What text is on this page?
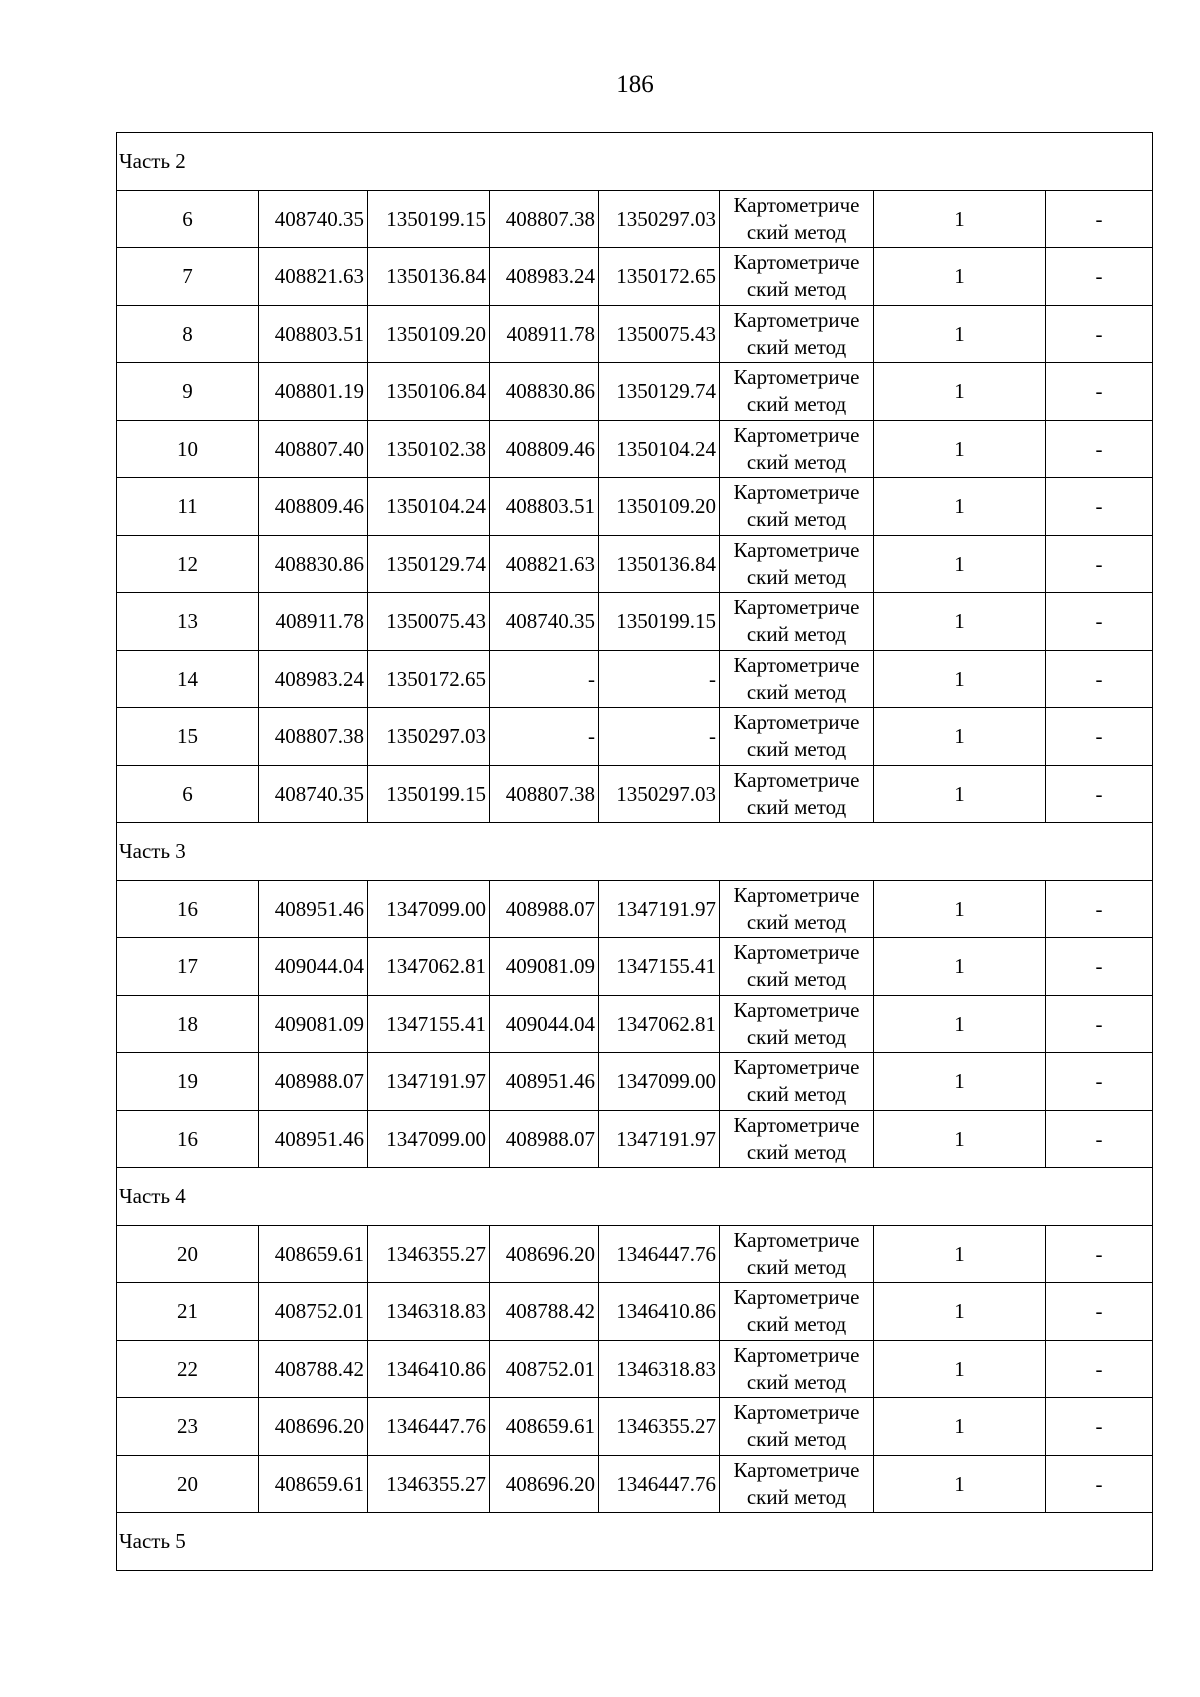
186
Часть 2							
6	408740.35	1350199.15	408807.38	1350297.03	Картометриче ский метод	1	-
7	408821.63	1350136.84	408983.24	1350172.65	Картометриче ский метод	1	-
8	408803.51	1350109.20	408911.78	1350075.43	Картометриче ский метод	1	-
9	408801.19	1350106.84	408830.86	1350129.74	Картометриче ский метод	1	-
10	408807.40	1350102.38	408809.46	1350104.24	Картометриче ский метод	1	-
11	408809.46	1350104.24	408803.51	1350109.20	Картометриче ский метод	1	-
12	408830.86	1350129.74	408821.63	1350136.84	Картометриче ский метод	1	-
13	408911.78	1350075.43	408740.35	1350199.15	Картометриче ский метод	1	-
14	408983.24	1350172.65	-	-	Картометриче ский метод	1	-
15	408807.38	1350297.03	-	-	Картометриче ский метод	1	-
6	408740.35	1350199.15	408807.38	1350297.03	Картометриче ский метод	1	-
Часть 3							
16	408951.46	1347099.00	408988.07	1347191.97	Картометриче ский метод	1	-
17	409044.04	1347062.81	409081.09	1347155.41	Картометриче ский метод	1	-
18	409081.09	1347155.41	409044.04	1347062.81	Картометриче ский метод	1	-
19	408988.07	1347191.97	408951.46	1347099.00	Картометриче ский метод	1	-
16	408951.46	1347099.00	408988.07	1347191.97	Картометриче ский метод	1	-
Часть 4							
20	408659.61	1346355.27	408696.20	1346447.76	Картометриче ский метод	1	-
21	408752.01	1346318.83	408788.42	1346410.86	Картометриче ский метод	1	-
22	408788.42	1346410.86	408752.01	1346318.83	Картометриче ский метод	1	-
23	408696.20	1346447.76	408659.61	1346355.27	Картометриче ский метод	1	-
20	408659.61	1346355.27	408696.20	1346447.76	Картометриче ский метод	1	-
Часть 5							
